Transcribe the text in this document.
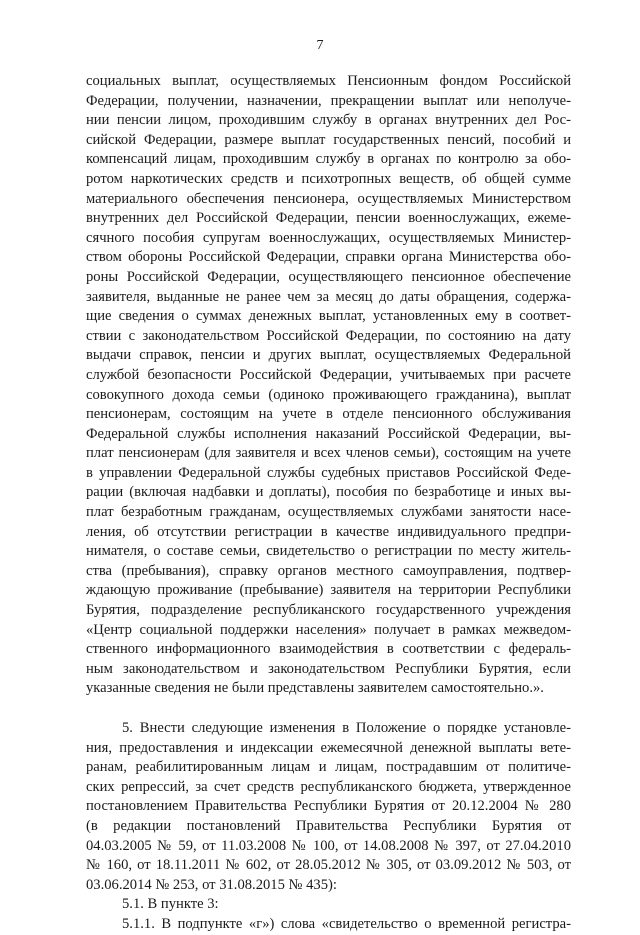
7
социальных выплат, осуществляемых Пенсионным фондом Российской
Федерации, получении, назначении, прекращении выплат или неполуче-
нии пенсии лицом, проходившим службу в органах внутренних дел Рос-
сийской Федерации, размере выплат государственных пенсий, пособий и
компенсаций лицам, проходившим службу в органах по контролю за обо-
ротом наркотических средств и психотропных веществ, об общей сумме
материального обеспечения пенсионера, осуществляемых Министерством
внутренних дел Российской Федерации, пенсии военнослужащих, ежеме-
сячного пособия супругам военнослужащих, осуществляемых Министер-
ством обороны Российской Федерации, справки органа Министерства обо-
роны Российской Федерации, осуществляющего пенсионное обеспечение
заявителя, выданные не ранее чем за месяц до даты обращения, содержа-
щие сведения о суммах денежных выплат, установленных ему в соответ-
ствии с законодательством Российской Федерации, по состоянию на дату
выдачи справок, пенсии и других выплат, осуществляемых Федеральной
службой безопасности Российской Федерации, учитываемых при расчете
совокупного дохода семьи (одиноко проживающего гражданина), выплат
пенсионерам, состоящим на учете в отделе пенсионного обслуживания
Федеральной службы исполнения наказаний Российской Федерации, вы-
плат пенсионерам (для заявителя и всех членов семьи), состоящим на учете
в управлении Федеральной службы судебных приставов Российской Феде-
рации (включая надбавки и доплаты), пособия по безработице и иных вы-
плат безработным гражданам, осуществляемых службами занятости насе-
ления, об отсутствии регистрации в качестве индивидуального предпри-
нимателя, о составе семьи, свидетельство о регистрации по месту житель-
ства (пребывания), справку органов местного самоуправления, подтвер-
ждающую проживание (пребывание) заявителя на территории Республики
Бурятия, подразделение республиканского государственного учреждения
«Центр социальной поддержки населения» получает в рамках межведом-
ственного информационного взаимодействия в соответствии с федераль-
ным законодательством и законодательством Республики Бурятия, если
указанные сведения не были представлены заявителем самостоятельно.».
5. Внести следующие изменения в Положение о порядке установле-
ния, предоставления и индексации ежемесячной денежной выплаты вете-
ранам, реабилитированным лицам и лицам, пострадавшим от политиче-
ских репрессий, за счет средств республиканского бюджета, утвержденное
постановлением Правительства Республики Бурятия от 20.12.2004 № 280
(в редакции постановлений Правительства Республики Бурятия от
04.03.2005 № 59, от 11.03.2008 № 100, от 14.08.2008 № 397, от 27.04.2010
№ 160, от 18.11.2011 № 602, от 28.05.2012 № 305, от 03.09.2012 № 503, от
03.06.2014 № 253, от 31.08.2015 № 435):
5.1. В пункте 3:
5.1.1. В подпункте «г») слова «свидетельство о временной регистра-
